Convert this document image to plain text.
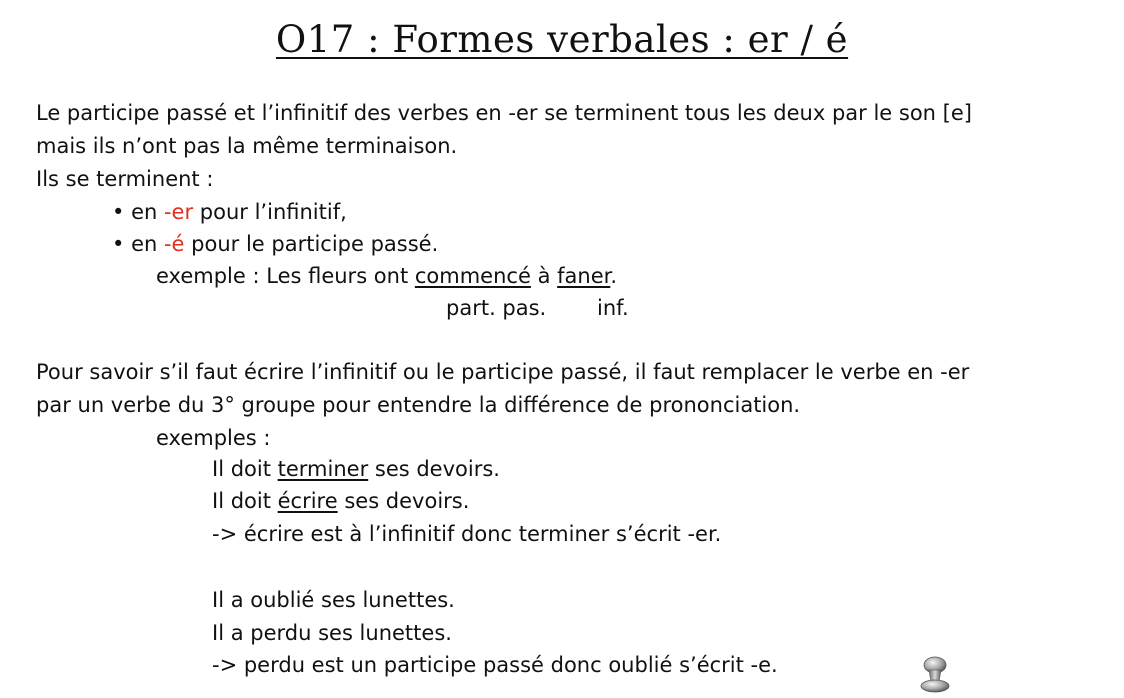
O17 : Formes verbales : er / é
Le participe passé et l’infinitif des verbes en -er se terminent tous les deux par le son [e]
mais ils n’ont pas la même terminaison.
Ils se terminent :
• en -er pour l’infinitif,
• en -é pour le participe passé.
exemple : Les fleurs ont commencé à faner.
part. pas. inf.
Pour savoir s’il faut écrire l’infinitif ou le participe passé, il faut remplacer le verbe en -er
par un verbe du 3° groupe pour entendre la différence de prononciation.
exemples :
Il doit terminer ses devoirs.
Il doit écrire ses devoirs.
-> écrire est à l’infinitif donc terminer s’écrit -er.
Il a oublié ses lunettes.
Il a perdu ses lunettes.
-> perdu est un participe passé donc oublié s’écrit -e.
